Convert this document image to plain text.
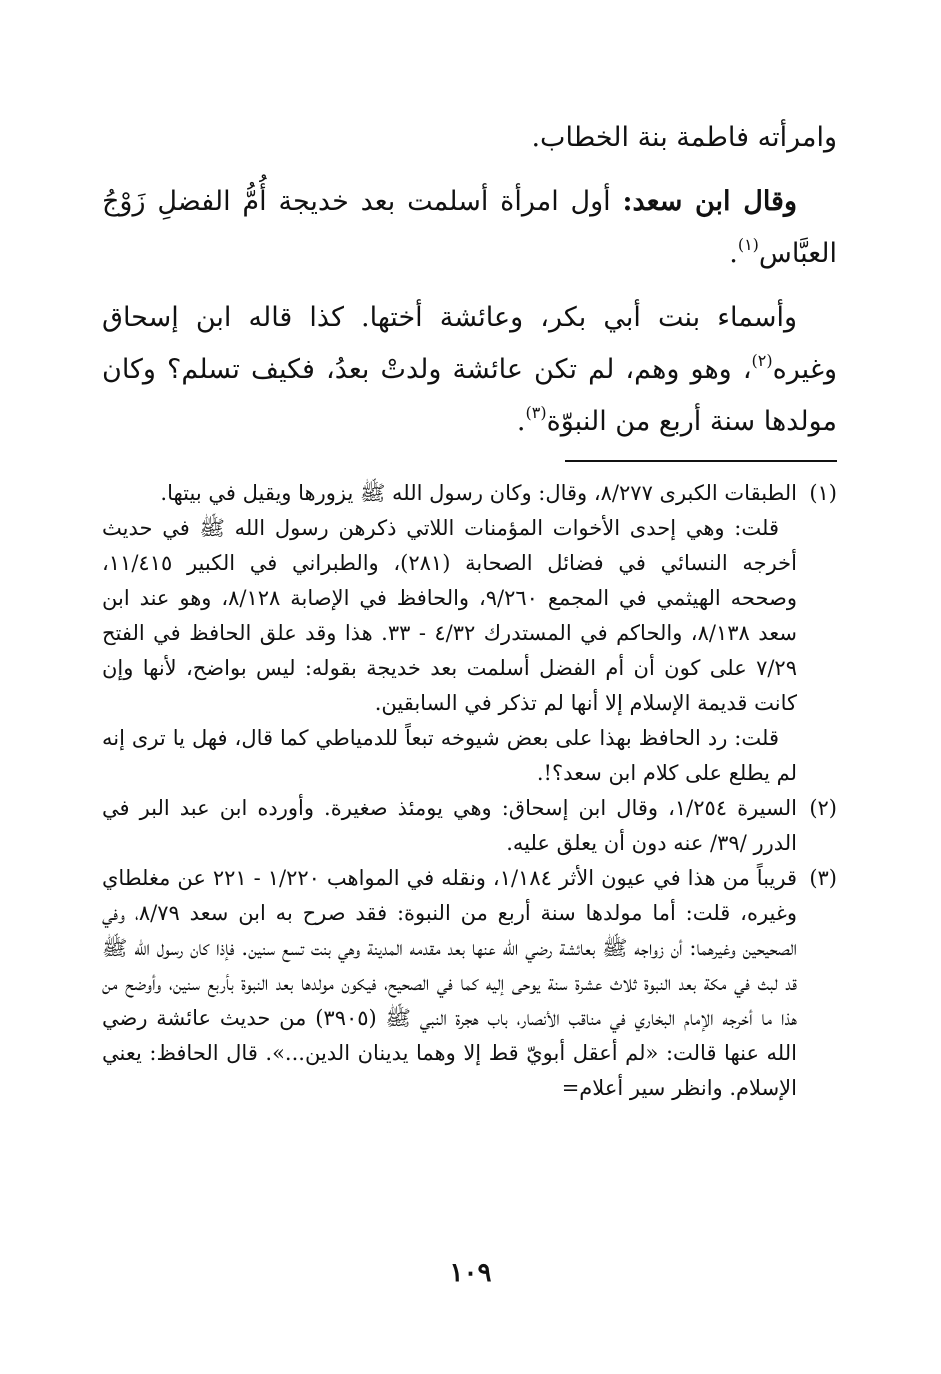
وامرأته فاطمة بنة الخطاب.

وقال ابن سعد: أول امرأة أسلمت بعد خديجة أُمُّ الفضلِ زَوْجُ العبَّاس$^{(١)}$.

وأسماء بنت أبي بكر، وعائشة أختها. كذا قاله ابن إسحاق وغيره$^{(٢)}$، وهو وهم، لم تكن عائشة ولدتْ بعدُ، فكيف تسلم؟ وكان مولدها سنة أربع من النبوّة$^{(٣)}$.

(١)

الطبقات الكبرى ٨/٢٧٧، وقال: وكان رسول الله ﷺ يزورها ويقيل في بيتها.

قلت: وهي إحدى الأخوات المؤمنات اللاتي ذكرهن رسول الله ﷺ في حديث أخرجه النسائي في فضائل الصحابة (٢٨١)، والطبراني في الكبير ١١/٤١٥، وصححه الهيثمي في المجمع ٩/٢٦٠، والحافظ في الإصابة ٨/١٢٨، وهو عند ابن سعد ٨/١٣٨، والحاكم في المستدرك ٤/٣٢ - ٣٣. هذا وقد علق الحافظ في الفتح ٧/٢٩ على كون أن أم الفضل أسلمت بعد خديجة بقوله: ليس بواضح، لأنها وإن كانت قديمة الإسلام إلا أنها لم تذكر في السابقين.

قلت: رد الحافظ بهذا على بعض شيوخه تبعاً للدمياطي كما قال، فهل يا ترى إنه لم يطلع على كلام ابن سعد؟!.

(٢)

السيرة ١/٢٥٤، وقال ابن إسحاق: وهي يومئذ صغيرة. وأورده ابن عبد البر في الدرر /٣٩/ عنه دون أن يعلق عليه.

(٣)

قريباً من هذا في عيون الأثر ١/١٨٤، ونقله في المواهب ١/٢٢٠ - ٢٢١ عن مغلطاي وغيره، قلت: أما مولدها سنة أربع من النبوة: فقد صرح به ابن سعد ٨/٧٩، وفي الصحيحين وغيرهما: أن زواجه ﷺ بعائشة رضي الله عنها بعد مقدمه المدينة وهي بنت تسع سنين. فإذا كان رسول الله ﷺ قد لبث في مكة بعد النبوة ثلاث عشرة سنة يوحى إليه كما في الصحيح، فيكون مولدها بعد النبوة بأربع سنين، وأوضح من هذا ما أخرجه الإمام البخاري في مناقب الأنصار، باب هجرة النبي ﷺ (٣٩٠٥) من حديث عائشة رضي الله عنها قالت: «لم أعقل أبويّ قط إلا وهما يدينان الدين...». قال الحافظ: يعني الإسلام. وانظر سير أعلام=

١٠٩
